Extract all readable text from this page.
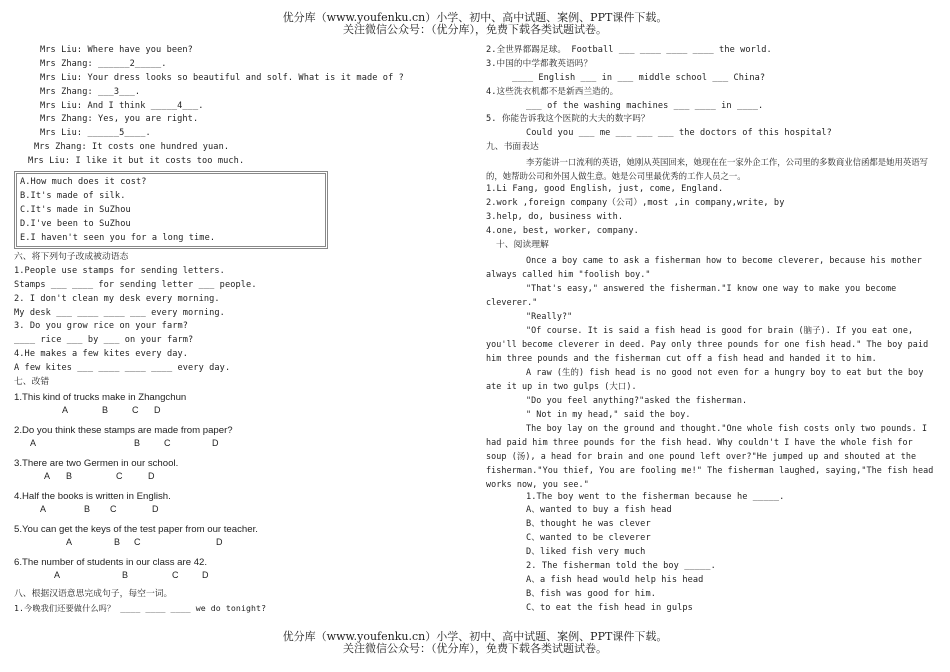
优分库（www.youfenku.cn）小学、初中、高中试题、案例、PPT课件下载。
关注微信公众号：（优分库），免费下载各类试题试卷。
Mrs Liu: Where have you been?
Mrs Zhang: ______2_____.
Mrs Liu: Your dress looks so beautiful and solf. What is it made of ?
Mrs Zhang: ___3___.
Mrs Liu: And I think _____4___.
Mrs Zhang: Yes, you are right.
Mrs Liu: ______5____.
Mrs Zhang: It costs one hundred yuan.
Mrs Liu: I like it but it costs too much.
A.How much does it cost?
B.It's made of silk.
C.It's made in SuZhou
D.I've been to SuZhou
E.I haven't seen you for a long time.
六、将下列句子改成被动语态
1.People use stamps for sending letters.
Stamps ___ ____ for sending letter ___ people.
2. I don't clean my desk every morning.
My desk ___ ____ ____ ___ every morning.
3. Do you grow rice on your farm?
____ rice ___ by ___ on your farm?
4.He makes a few kites every day.
A few kites ___ ____ ____ ____ every day.
七、改错
1.This kind of trucks make in Zhangchun
A	B	C D
2.Do you think these stamps are made from paper?
A	B	C	D
3.There are two Germen in our school.
A B	C	D
4.Half the books is written in English.
A	B C	D
5.You can get the keys of the test paper from our teacher.
A	B C	D
6.The number of students in our class are 42.
A	B	C	D
八、根据汉语意思完成句子，每空一词。
1.今晚我们还要做什么吗？ ____ ____ ____ we do tonight?
2.全世界都踢足球。 Football ___ ____ ____ ____ the world.
3.中国的中学都教英语吗？
____ English ___ in ___ middle school ___ China?
4.这些洗衣机都不是新西兰造的。
___ of the washing machines ___ ____ in ____.
5. 你能告诉我这个医院的大夫的数字吗？
Could you ___ me ___ ___ ___ the doctors of this hospital?
九、书面表达
李芳能讲一口流利的英语，她刚从英国回来，她现在在一家外企工作，公司里的多数商业信函都是她用英语写的，她帮助公司和外国人做生意。她是公司里最优秀的工作人员之一。
1.Li Fang, good English, just, come, England.
2.work ,foreign company（公司）,most ,in company,write, by
3.help, do, business with.
4.one, best, worker, company.
十、阅读理解
Once a boy came to ask a fisherman how to become cleverer, because his mother always called him "foolish boy."
"That's easy," answered the fisherman."I know one way to make you become cleverer."
"Really?"
"Of course. It is said a fish head is good for brain (脑子). If you eat one, you'll become cleverer in deed. Pay only three pounds for one fish head." The boy paid him three pounds and the fisherman cut off a fish head and handed it to him.
A raw (生的) fish head is no good not even for a hungry boy to eat but the boy ate it up in two gulps (大口).
"Do you feel anything?"asked the fisherman.
" Not in my head," said the boy.
The boy lay on the ground and thought."One whole fish costs only two pounds. I had paid him three pounds for the fish head. Why couldn't I have the whole fish for soup (汤), a head for brain and one pound left over?"He jumped up and shouted at the fisherman."You thief, You are fooling me!" The fisherman laughed, saying,"The fish head works now, you see."
1.The boy went to the fisherman because he _____.
A、wanted to buy a fish head
B、thought he was clever
C、wanted to be cleverer
D、liked fish very much
2. The fisherman told the boy _____.
A、a fish head would help his head
B、fish was good for him.
C、to eat the fish head in gulps
优分库（www.youfenku.cn）小学、初中、高中试题、案例、PPT课件下载。
关注微信公众号：（优分库），免费下载各类试题试卷。
